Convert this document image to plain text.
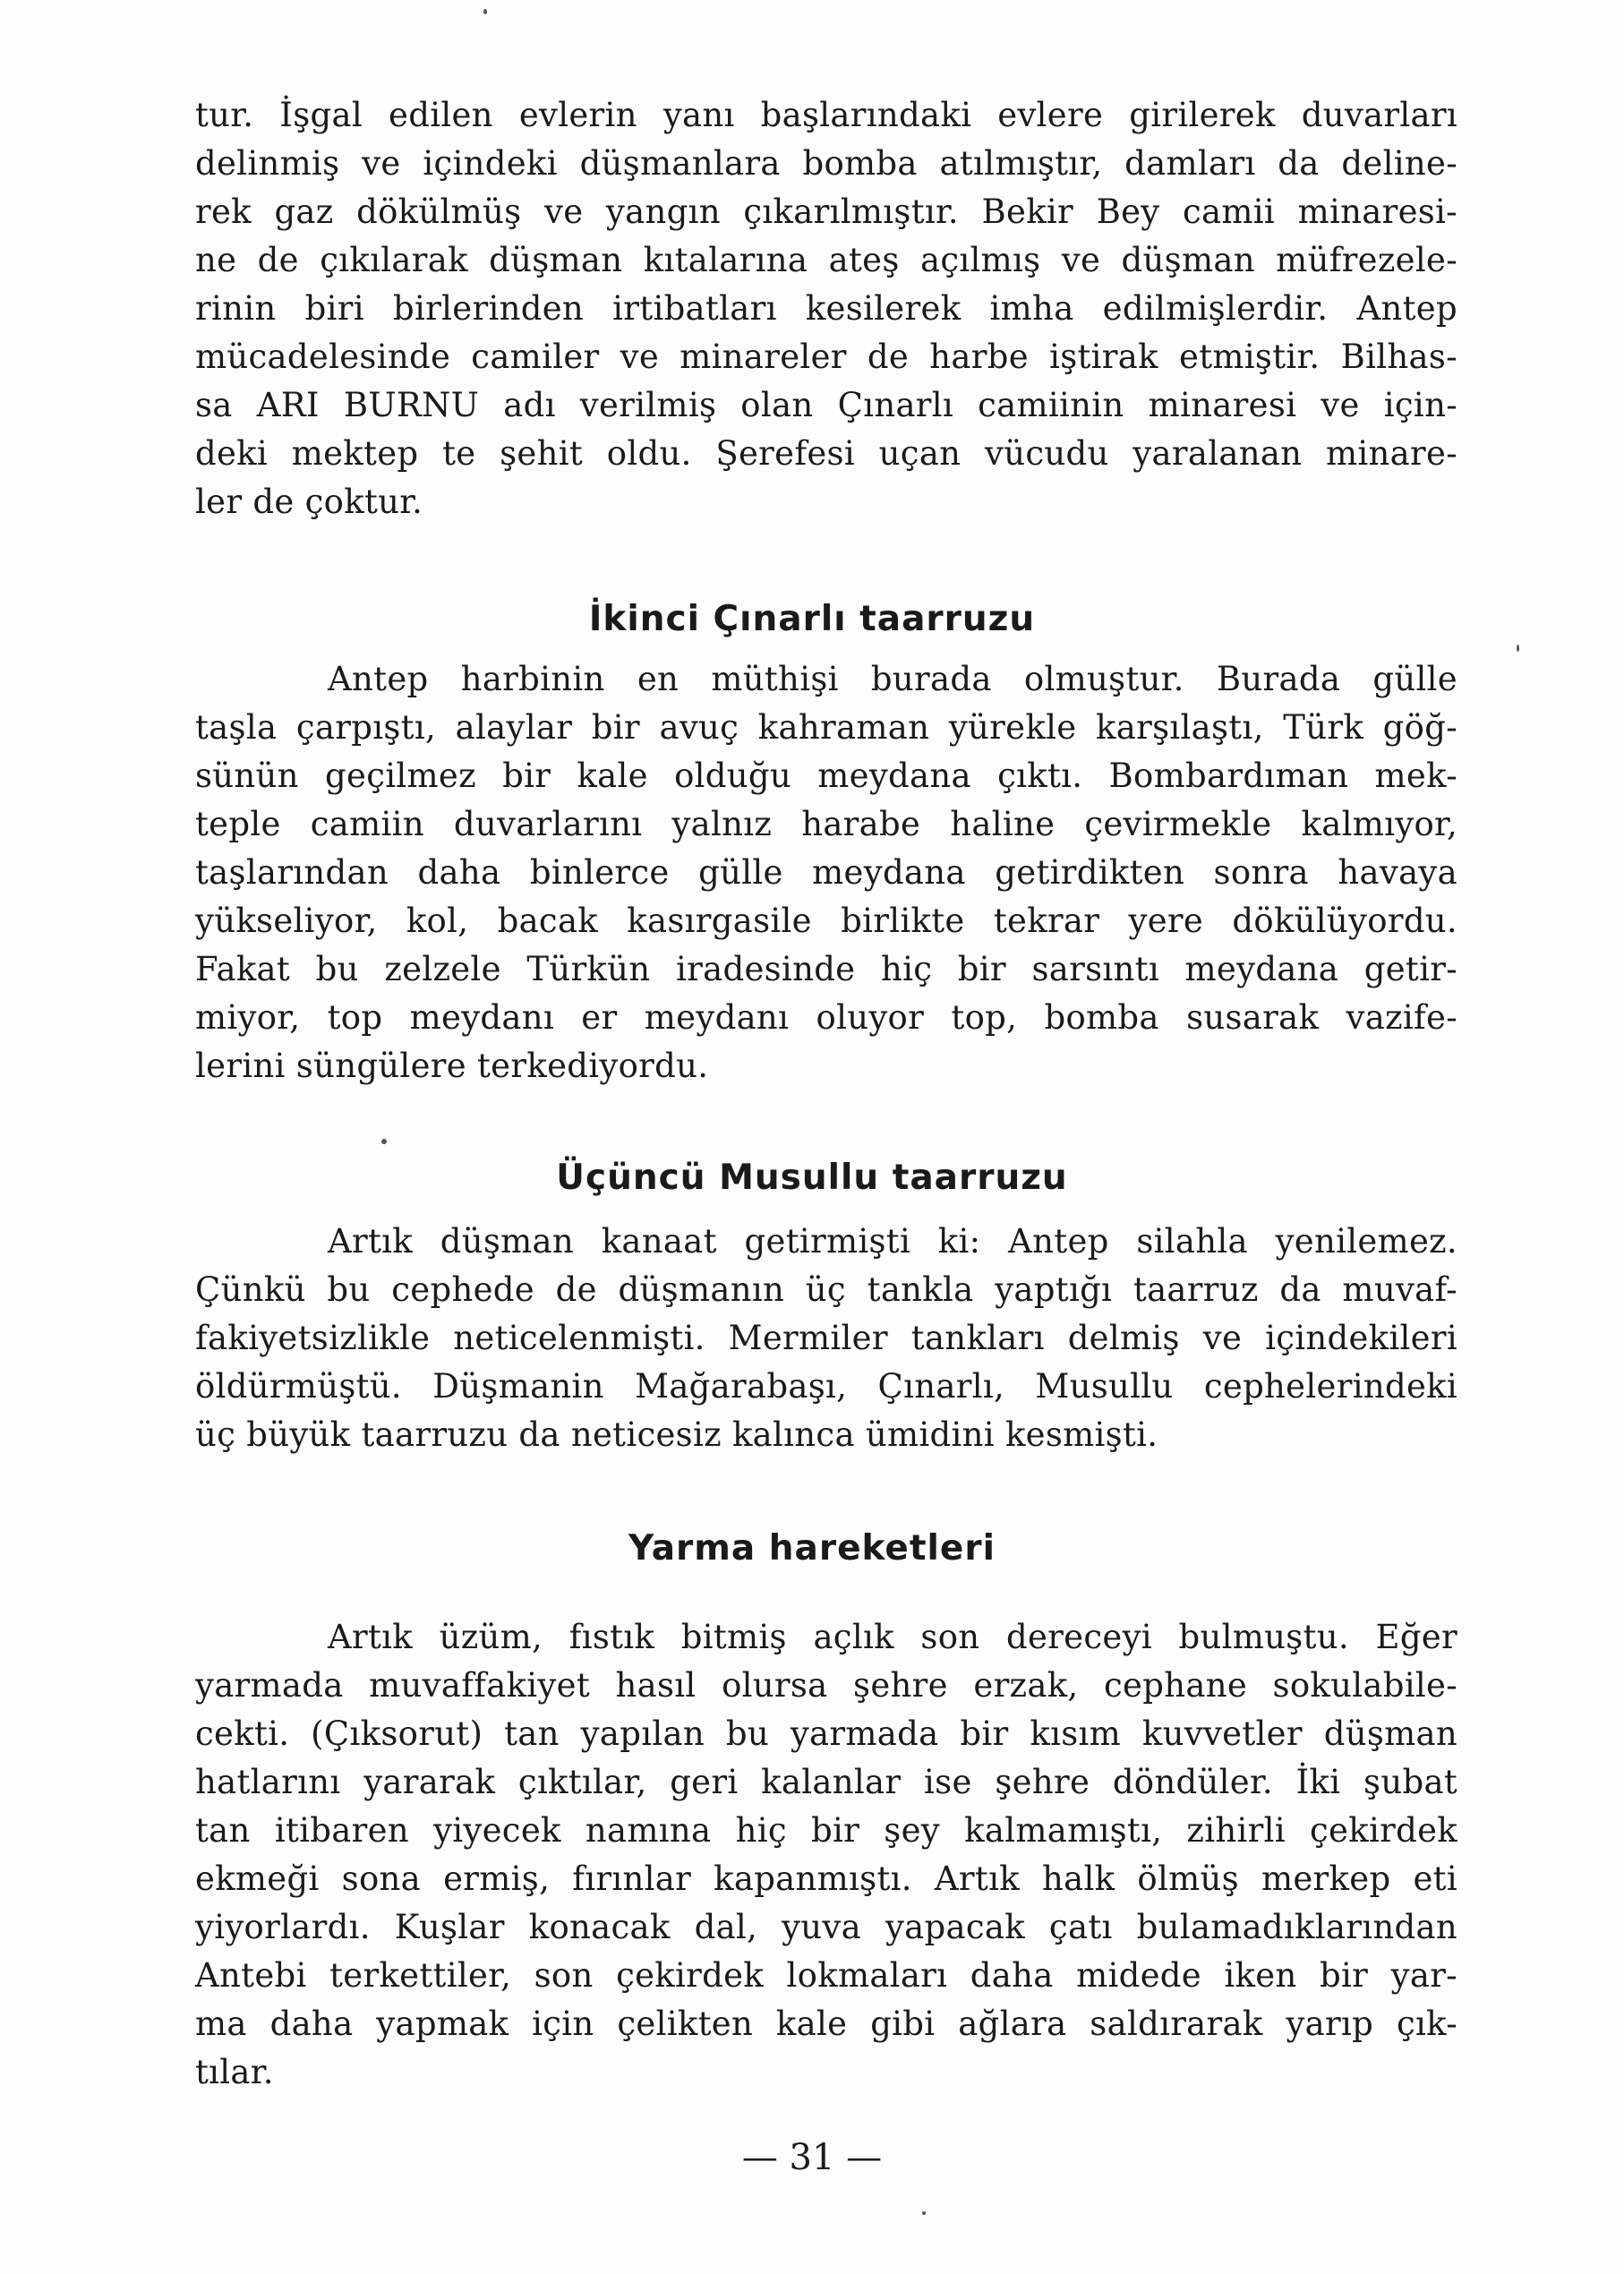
tur. İşgal edilen evlerin yanı başlarındaki evlere girilerek duvarları
delinmiş ve içindeki düşmanlara bomba atılmıştır, damları da deline-
rek gaz dökülmüş ve yangın çıkarılmıştır. Bekir Bey camii minaresi-
ne de çıkılarak düşman kıtalarına ateş açılmış ve düşman müfrezele-
rinin biri birlerinden irtibatları kesilerek imha edilmişlerdir. Antep
mücadelesinde camiler ve minareler de harbe iştirak etmiştir. Bilhas-
sa ARI BURNU adı verilmiş olan Çınarlı camiinin minaresi ve için-
deki mektep te şehit oldu. Şerefesi uçan vücudu yaralanan minare-
ler de çoktur.
İkinci Çınarlı taarruzu
Antep harbinin en müthişi burada olmuştur. Burada gülle
taşla çarpıştı, alaylar bir avuç kahraman yürekle karşılaştı, Türk göğ-
sünün geçilmez bir kale olduğu meydana çıktı. Bombardıman mek-
teple camiin duvarlarını yalnız harabe haline çevirmekle kalmıyor,
taşlarından daha binlerce gülle meydana getirdikten sonra havaya
yükseliyor, kol, bacak kasırgasile birlikte tekrar yere dökülüyordu.
Fakat bu zelzele Türkün iradesinde hiç bir sarsıntı meydana getir-
miyor, top meydanı er meydanı oluyor top, bomba susarak vazife-
lerini süngülere terkediyordu.
Üçüncü Musullu taarruzu
Artık düşman kanaat getirmişti ki: Antep silahla yenilemez.
Çünkü bu cephede de düşmanın üç tankla yaptığı taarruz da muvaf-
fakiyetsizlikle neticelenmişti. Mermiler tankları delmiş ve içindekileri
öldürmüştü. Düşmanin Mağarabaşı, Çınarlı, Musullu cephelerindeki
üç büyük taarruzu da neticesiz kalınca ümidini kesmişti.
Yarma hareketleri
Artık üzüm, fıstık bitmiş açlık son dereceyi bulmuştu. Eğer
yarmada muvaffakiyet hasıl olursa şehre erzak, cephane sokulabile-
cekti. (Çıksorut) tan yapılan bu yarmada bir kısım kuvvetler düşman
hatlarını yararak çıktılar, geri kalanlar ise şehre döndüler. İki şubat
tan itibaren yiyecek namına hiç bir şey kalmamıştı, zihirli çekirdek
ekmeği sona ermiş, fırınlar kapanmıştı. Artık halk ölmüş merkep eti
yiyorlardı. Kuşlar konacak dal, yuva yapacak çatı bulamadıklarından
Antebi terkettiler, son çekirdek lokmaları daha midede iken bir yar-
ma daha yapmak için çelikten kale gibi ağlara saldırarak yarıp çık-
tılar.
— 31 —
